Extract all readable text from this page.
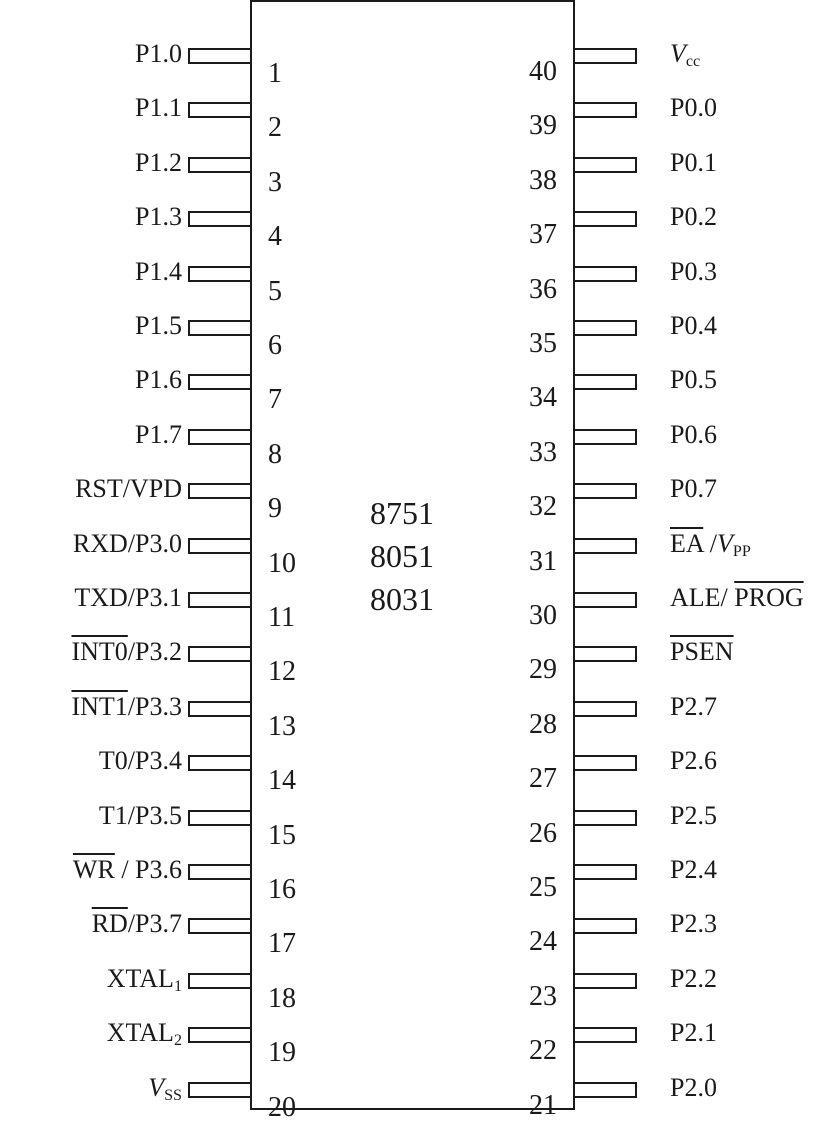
8751
8051
8031
1
P1.0
2
P1.1
3
P1.2
4
P1.3
5
P1.4
6
P1.5
7
P1.6
8
P1.7
9
RST/VPD
10
RXD/P3.0
11
TXD/P3.1
12
INT0/P3.2
13
INT1/P3.3
14
T0/P3.4
15
T1/P3.5
16
$\overline{WR} / P3.6$
17
$\overline{RD}/P3.7$
18
$XTAL_1$
19
$XTAL_2$
20
$V_{SS}$
40
$V_{cc}$
39
P0.0
38
P0.1
37
P0.2
36
P0.3
35
P0.4
34
P0.5
33
P0.6
32
P0.7
31
$\overline{EA}$ $/V_{PP}$
30
ALE/ PROG
29
PSEN
28
P2.7
27
P2.6
26
P2.5
25
P2.4
24
P2.3
23
P2.2
22
P2.1
21
P2.0
